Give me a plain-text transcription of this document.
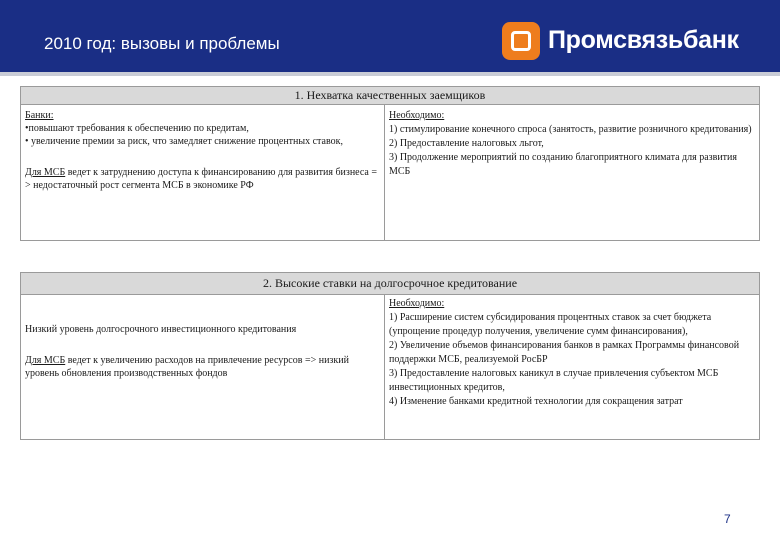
2010 год: вызовы и проблемы	Промсвязьбанк
1. Нехватка качественных заемщиков
Банки:
•повышают требования к обеспечению по кредитам,
• увеличение премии за риск, что замедляет снижение процентных ставок,
Для МСБ ведет к затруднению доступа к финансированию для развития бизнеса = > недостаточный рост сегмента МСБ в экономике РФ
Необходимо:
1) стимулирование конечного спроса (занятость, развитие розничного кредитования)
2) Предоставление налоговых льгот,
3) Продолжение мероприятий по созданию благоприятного климата для развития МСБ
2. Высокие ставки на долгосрочное кредитование
Низкий уровень долгосрочного инвестиционного кредитования
Для МСБ ведет к увеличению расходов на привлечение ресурсов => низкий уровень обновления производственных фондов
Необходимо:
1) Расширение систем субсидирования процентных ставок за счет бюджета (упрощение процедур получения, увеличение сумм финансирования),
2) Увеличение объемов финансирования банков в рамках Программы финансовой поддержки МСБ, реализуемой РосБР
3) Предоставление налоговых каникул в случае привлечения субъектом МСБ инвестиционных кредитов,
4) Изменение банками кредитной технологии для сокращения затрат
7
